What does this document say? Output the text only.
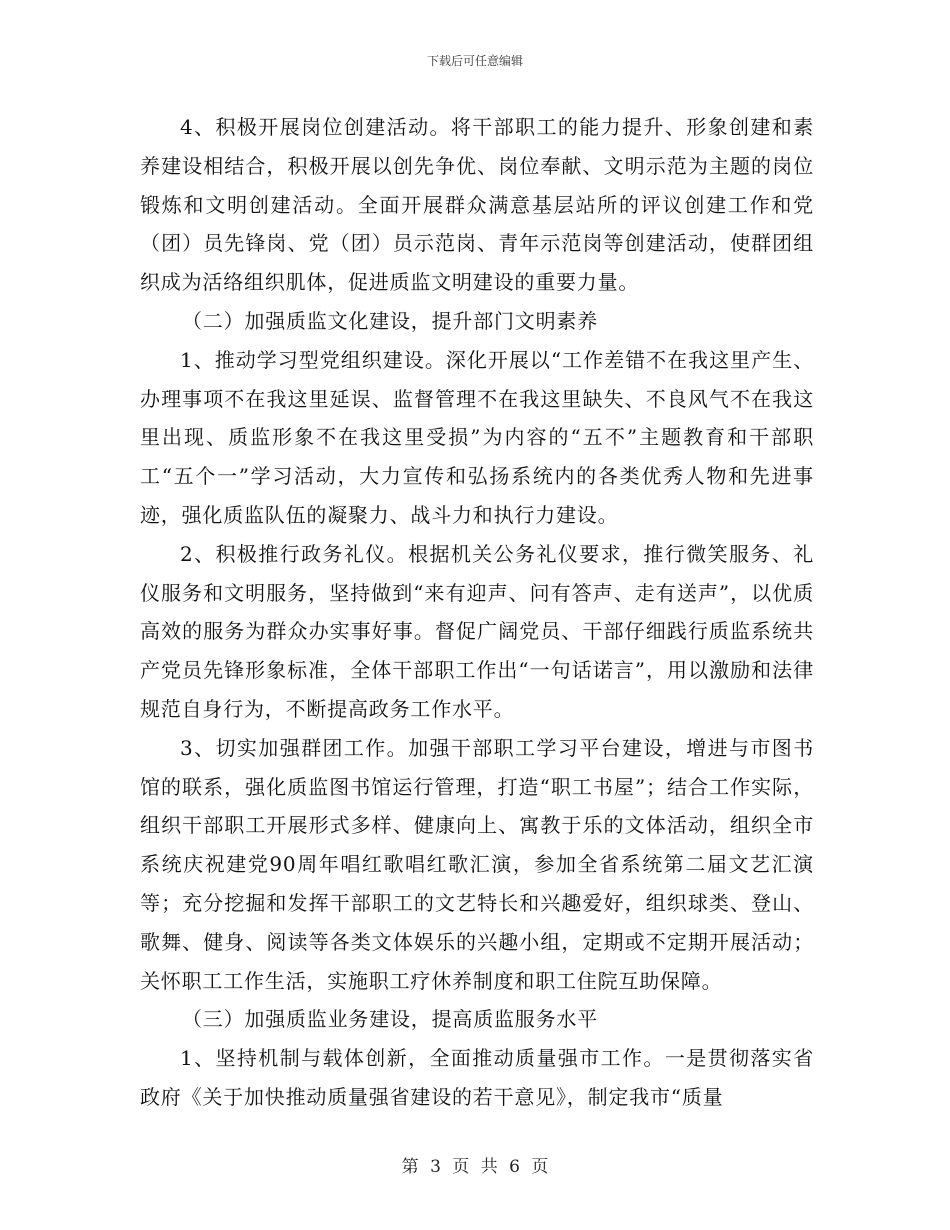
下载后可任意编辑

4、积极开展岗位创建活动。将干部职工的能力提升、形象创建和素养建设相结合，积极开展以创先争优、岗位奉献、文明示范为主题的岗位锻炼和文明创建活动。全面开展群众满意基层站所的评议创建工作和党（团）员先锋岗、党（团）员示范岗、青年示范岗等创建活动，使群团组织成为活络组织肌体，促进质监文明建设的重要力量。

（二）加强质监文化建设，提升部门文明素养

1、推动学习型党组织建设。深化开展以“工作差错不在我这里产生、办理事项不在我这里延误、监督管理不在我这里缺失、不良风气不在我这里出现、质监形象不在我这里受损”为内容的“五不”主题教育和干部职工“五个一”学习活动，大力宣传和弘扬系统内的各类优秀人物和先进事迹，强化质监队伍的凝聚力、战斗力和执行力建设。

2、积极推行政务礼仪。根据机关公务礼仪要求，推行微笑服务、礼仪服务和文明服务，坚持做到“来有迎声、问有答声、走有送声”，以优质高效的服务为群众办实事好事。督促广阔党员、干部仔细践行质监系统共产党员先锋形象标准，全体干部职工作出“一句话诺言”，用以激励和法律规范自身行为，不断提高政务工作水平。

3、切实加强群团工作。加强干部职工学习平台建设，增进与市图书馆的联系，强化质监图书馆运行管理，打造“职工书屋”；结合工作实际，组织干部职工开展形式多样、健康向上、寓教于乐的文体活动，组织全市系统庆祝建党90周年唱红歌唱红歌汇演，参加全省系统第二届文艺汇演等；充分挖掘和发挥干部职工的文艺特长和兴趣爱好，组织球类、登山、歌舞、健身、阅读等各类文体娱乐的兴趣小组，定期或不定期开展活动；关怀职工工作生活，实施职工疗休养制度和职工住院互助保障。

（三）加强质监业务建设，提高质监服务水平

1、坚持机制与载体创新，全面推动质量强市工作。一是贯彻落实省政府《关于加快推动质量强省建设的若干意见》，制定我市“质量

第 3 页 共 6 页
